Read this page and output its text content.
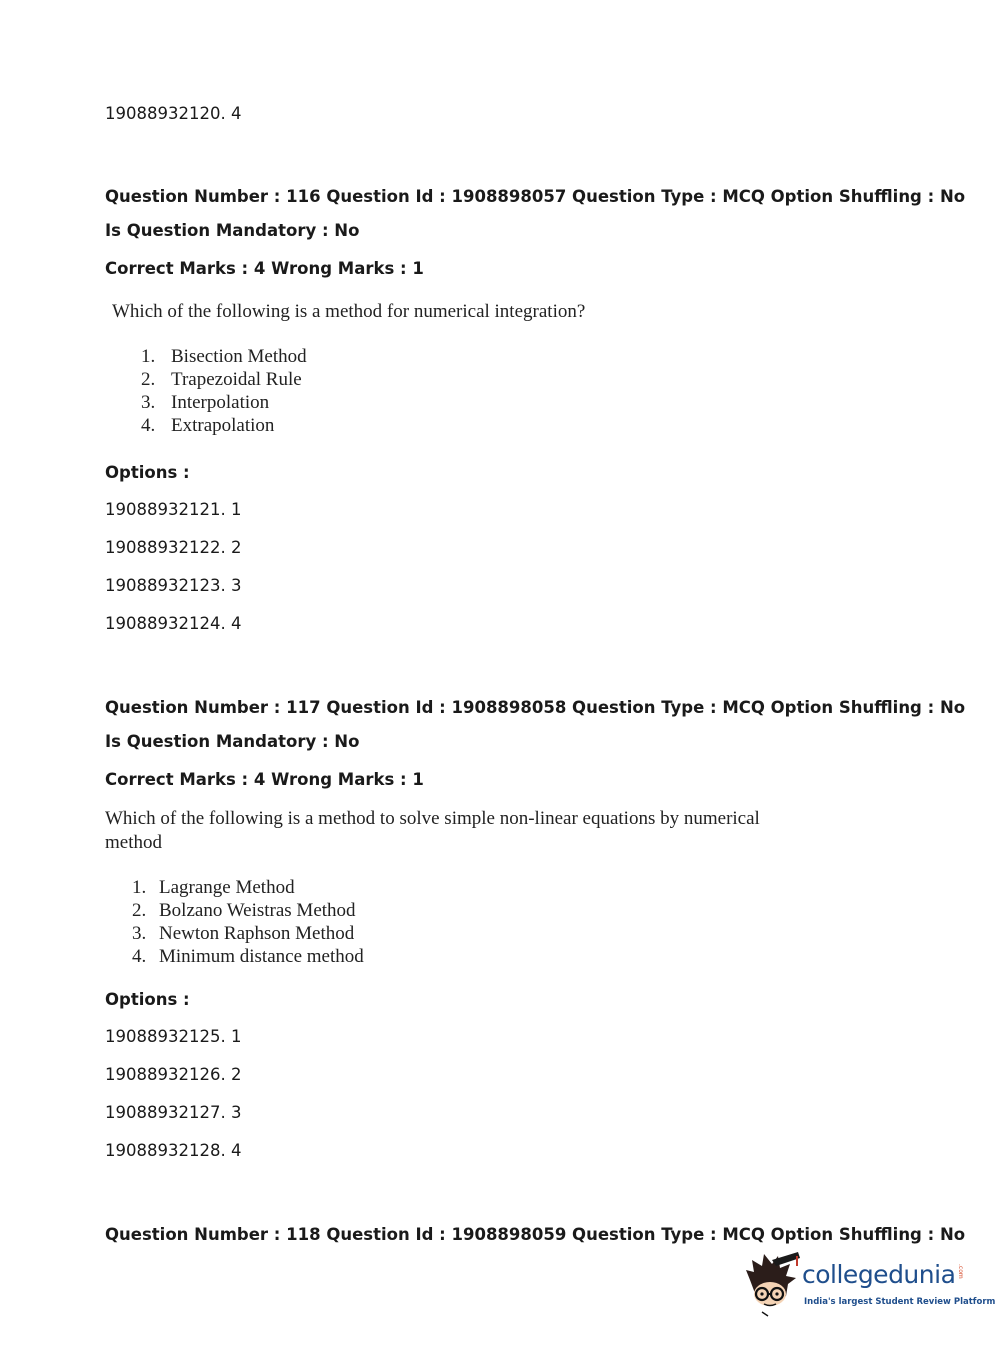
19088932120. 4
Question Number : 116 Question Id : 1908898057 Question Type : MCQ Option Shuffling : No
Is Question Mandatory : No
Correct Marks : 4 Wrong Marks : 1
Which of the following is a method for numerical integration?
1. Bisection Method
2. Trapezoidal Rule
3. Interpolation
4. Extrapolation
Options :
19088932121. 1
19088932122. 2
19088932123. 3
19088932124. 4
Question Number : 117 Question Id : 1908898058 Question Type : MCQ Option Shuffling : No
Is Question Mandatory : No
Correct Marks : 4 Wrong Marks : 1
Which of the following is a method to solve simple non-linear equations by numerical
method
1. Lagrange Method
2. Bolzano Weistras Method
3. Newton Raphson Method
4. Minimum distance method
Options :
19088932125. 1
19088932126. 2
19088932127. 3
19088932128. 4
Question Number : 118 Question Id : 1908898059 Question Type : MCQ Option Shuffling : No
collegedunia .com
India's largest Student Review Platform
